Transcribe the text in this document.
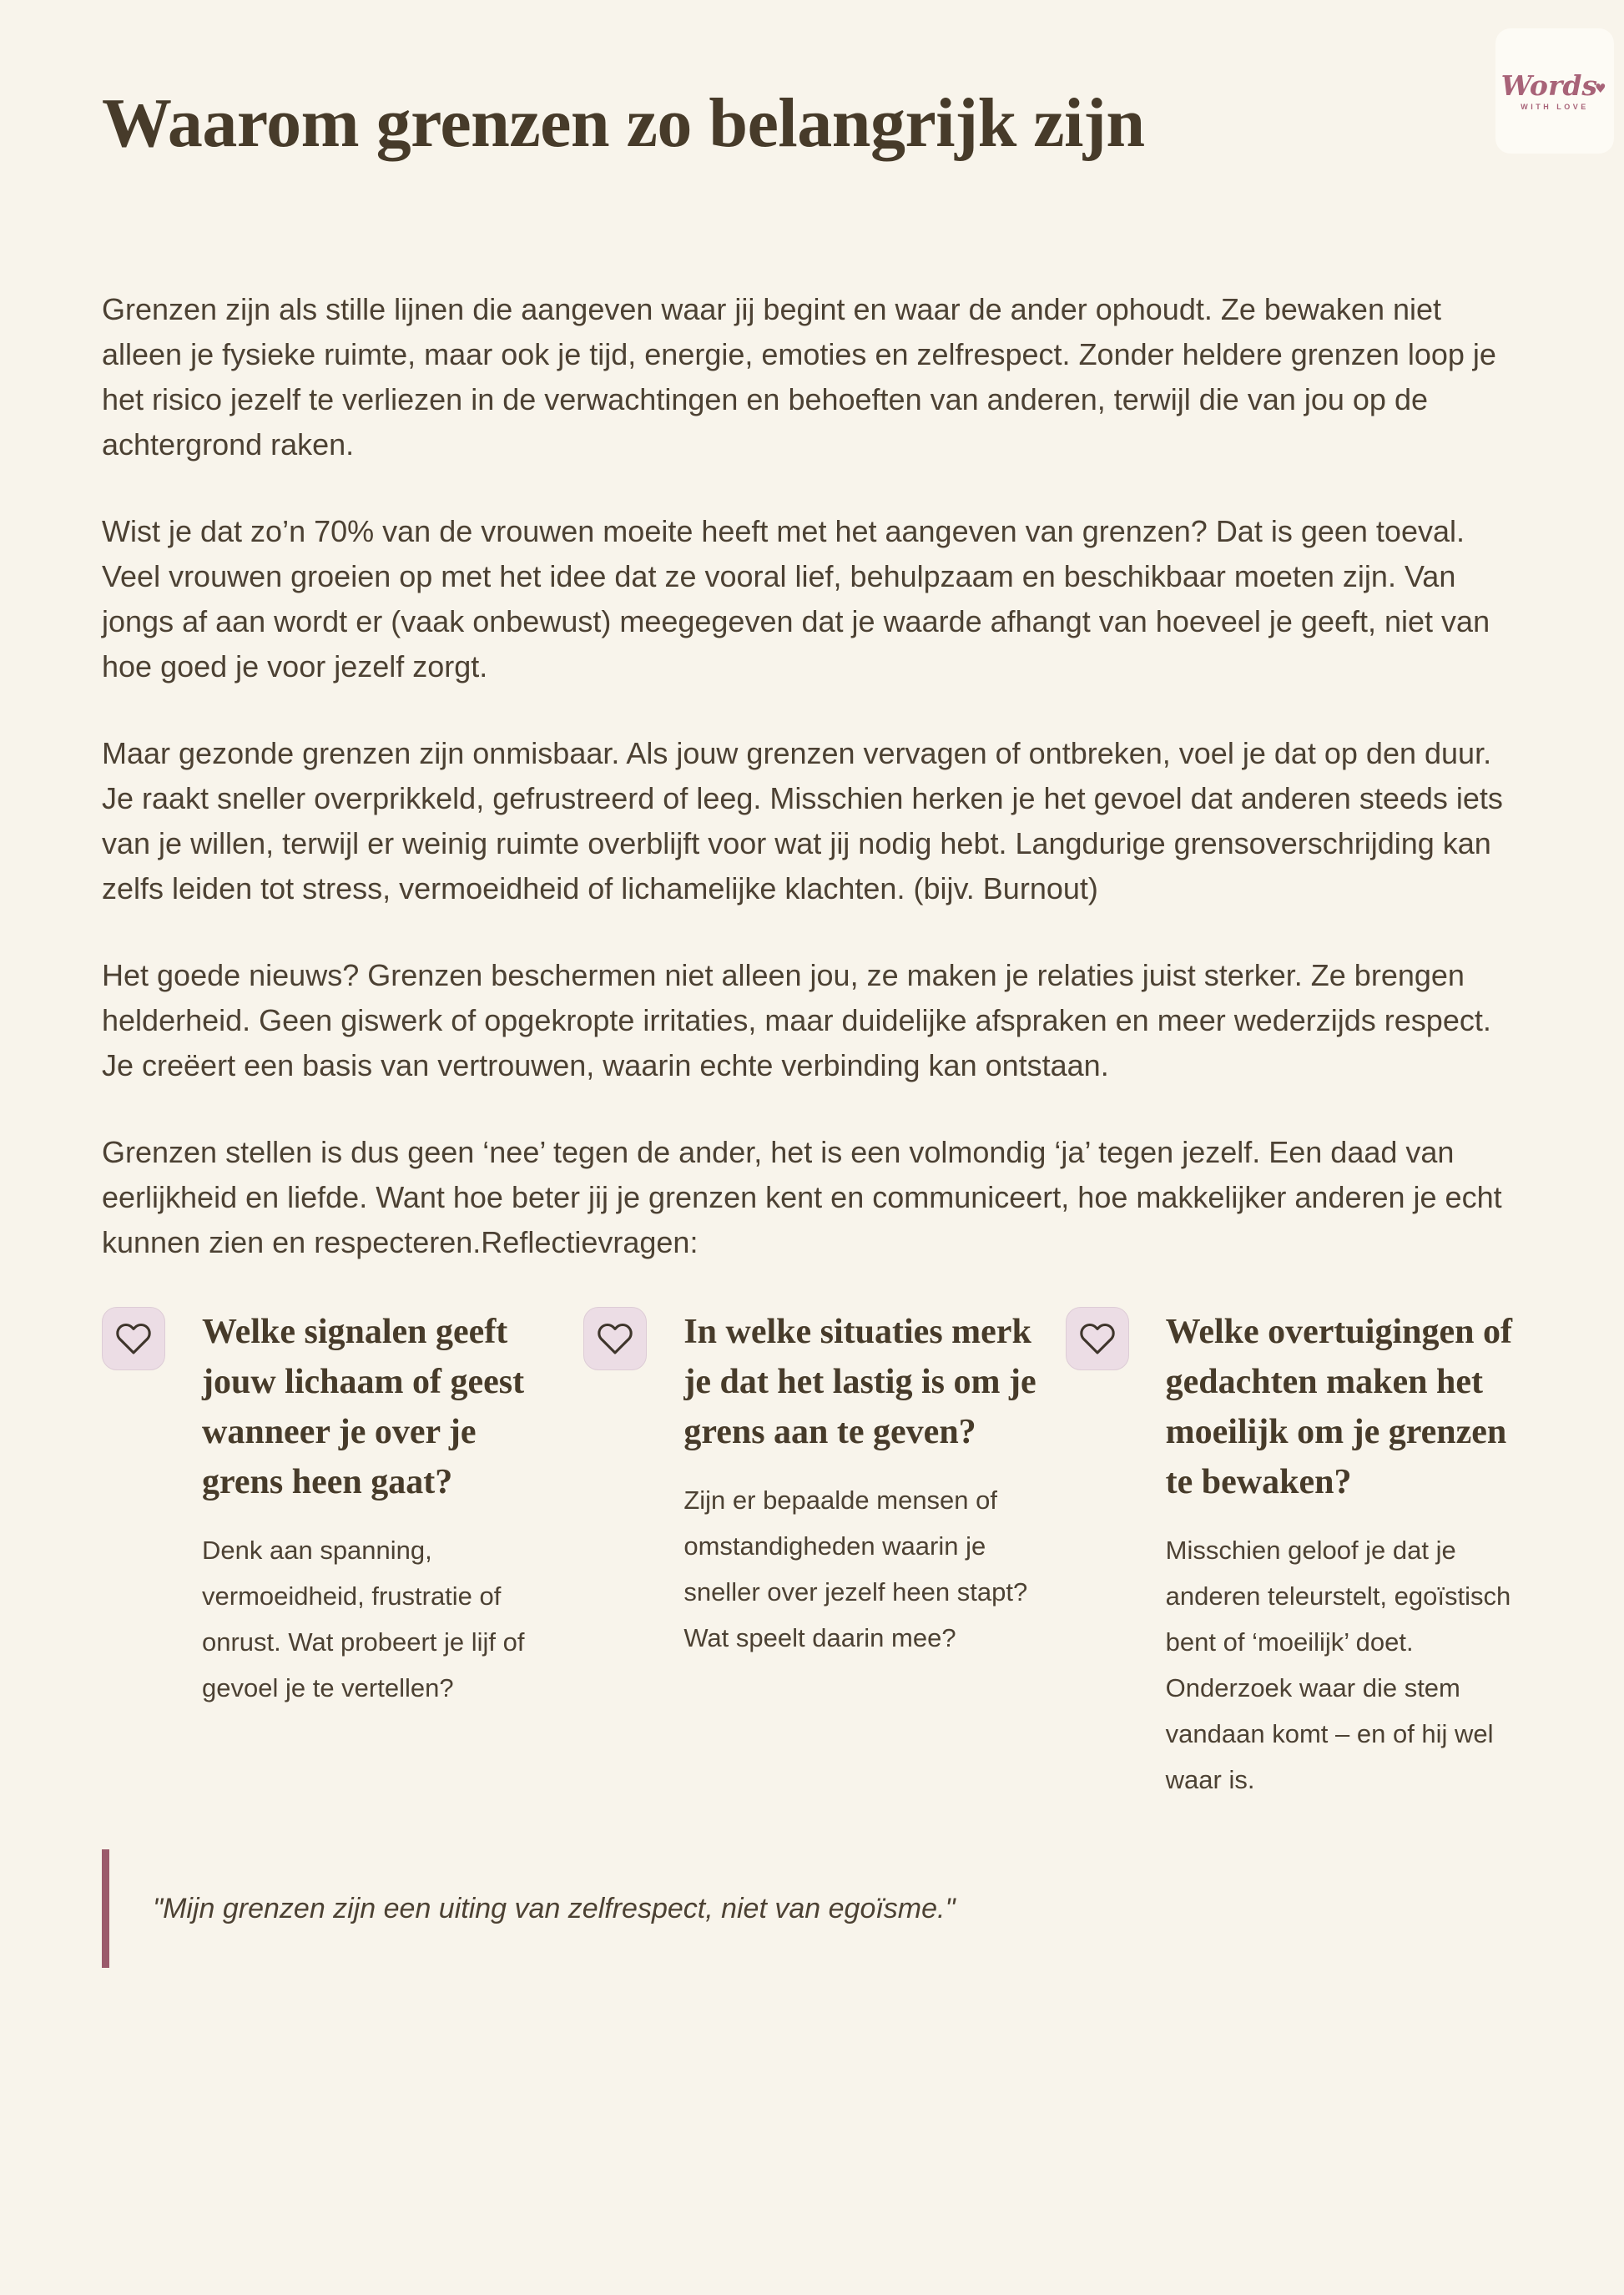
Words♥
WITH LOVE
Waarom grenzen zo belangrijk zijn

Grenzen zijn als stille lijnen die aangeven waar jij begint en waar de ander ophoudt. Ze bewaken niet alleen je fysieke ruimte, maar ook je tijd, energie, emoties en zelfrespect. Zonder heldere grenzen loop je het risico jezelf te verliezen in de verwachtingen en behoeften van anderen, terwijl die van jou op de achtergrond raken.

Wist je dat zo’n 70% van de vrouwen moeite heeft met het aangeven van grenzen? Dat is geen toeval. Veel vrouwen groeien op met het idee dat ze vooral lief, behulpzaam en beschikbaar moeten zijn. Van jongs af aan wordt er (vaak onbewust) meegegeven dat je waarde afhangt van hoeveel je geeft, niet van hoe goed je voor jezelf zorgt.

Maar gezonde grenzen zijn onmisbaar. Als jouw grenzen vervagen of ontbreken, voel je dat op den duur. Je raakt sneller overprikkeld, gefrustreerd of leeg. Misschien herken je het gevoel dat anderen steeds iets van je willen, terwijl er weinig ruimte overblijft voor wat jij nodig hebt. Langdurige grensoverschrijding kan zelfs leiden tot stress, vermoeidheid of lichamelijke klachten. (bijv. Burnout)

Het goede nieuws? Grenzen beschermen niet alleen jou, ze maken je relaties juist sterker. Ze brengen helderheid. Geen giswerk of opgekropte irritaties, maar duidelijke afspraken en meer wederzijds respect. Je creëert een basis van vertrouwen, waarin echte verbinding kan ontstaan.

Grenzen stellen is dus geen ‘nee’ tegen de ander, het is een volmondig ‘ja’ tegen jezelf. Een daad van eerlijkheid en liefde. Want hoe beter jij je grenzen kent en communiceert, hoe makkelijker anderen je echt kunnen zien en respecteren.Reflectievragen:

Welke signalen geeft jouw lichaam of geest wanneer je over je grens heen gaat?

Denk aan spanning, vermoeidheid, frustratie of onrust. Wat probeert je lijf of gevoel je te vertellen?

In welke situaties merk je dat het lastig is om je grens aan te geven?

Zijn er bepaalde mensen of omstandigheden waarin je sneller over jezelf heen stapt? Wat speelt daarin mee?

Welke overtuigingen of gedachten maken het moeilijk om je grenzen te bewaken?

Misschien geloof je dat je anderen teleurstelt, egoïstisch bent of ‘moeilijk’ doet. Onderzoek waar die stem vandaan komt – en of hij wel waar is.

"Mijn grenzen zijn een uiting van zelfrespect, niet van egoïsme."
